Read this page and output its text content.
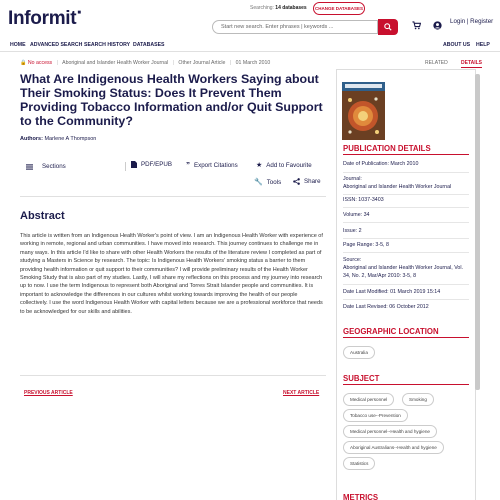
Informit■
Searching: 14 databases	CHANGE DATABASES
Start new search. Enter phrases | keywords ...
Login | Register
HOME ADVANCED SEARCH SEARCH HISTORY DATABASES	ABOUT US HELP
🔒 No access | Aboriginal and Islander Health Worker Journal | Other Journal Article | 01 March 2010
What Are Indigenous Health Workers Saying about Their Smoking Status: Does It Prevent Them Providing Tobacco Information and/or Quit Support to the Community?
Authors: Marlene A Thompson
Sections	PDF/EPUB ” Export Citations	★ Add to Favourite
🔧 Tools	Share
Abstract
This article is written from an Indigenous Health Worker's point of view. I am an Indigenous Health Worker with experience of working in remote, regional and urban communities. I have moved into research. This journey continues to challenge me in many ways. In this article I'd like to share with other Health Workers the results of the literature review I completed as part of studying a Masters in Science by research. The topic: Is Indigenous Health Workers' smoking status a barrier to them providing health information or quit support to their communities? I will provide preliminary results of the Health Worker Smoking Study that is also part of my studies. Lastly, I will share my reflections on this process and my journey into research up to now. I use the term Indigenous to represent both Aboriginal and Torres Strait Islander people and communities. It is important to acknowledge the differences in our cultures whilst working towards improving the health of our people collectively. I use the word Indigenous Health Worker with capital letters because we are a professional workforce that needs to be acknowledged for our skills and abilities.
PREVIOUS ARTICLE	NEXT ARTICLE
RELATED	DETAILS
PUBLICATION DETAILS
Date of Publication: March 2010
Journal:
Aboriginal and Islander Health Worker Journal
ISSN: 1037-3403
Volume: 34
Issue: 2
Page Range: 3-5, 8
Source:
Aboriginal and Islander Health Worker Journal, Vol. 34, No. 2, Mar/Apr 2010: 3-5, 8
Date Last Modified: 01 March 2019 15:14
Date Last Revised: 06 October 2012
GEOGRAPHIC LOCATION
Australia
SUBJECT
Medical personnel	Smoking
Tobacco use--Prevention
Medical personnel--Health and hygiene
Aboriginal Australians--Health and hygiene
Statistics
METRICS
